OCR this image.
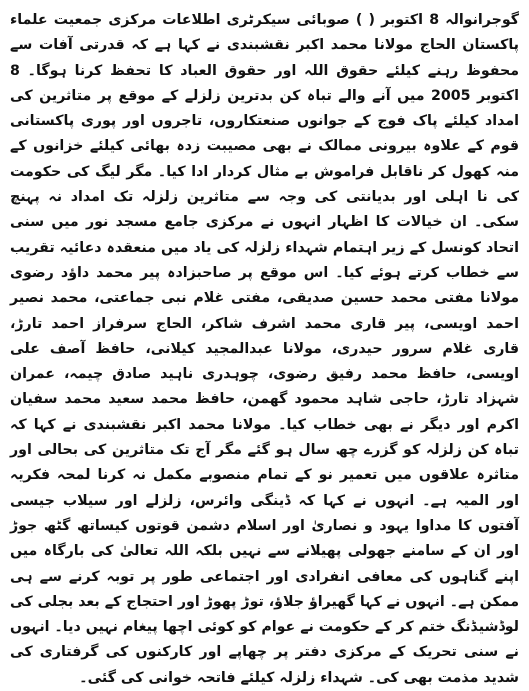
گوجرانوالہ 8 اکتوبر ( ) صوبائی سیکرٹری اطلاعات مرکزی جمعیت علماء پاکستان الحاج مولانا محمد اکبر نقشبندی نے کہا ہے کہ قدرتی آفات سے محفوظ رہنے کیلئے حقوق اللہ اور حقوق العباد کا تحفظ کرنا ہوگا۔ 8 اکتوبر 2005 میں آنے والے تباہ کن بدترین زلزلے کے موقع پر متاثرین کی امداد کیلئے پاک فوج کے جوانوں صنعتکاروں، تاجروں اور پوری پاکستانی قوم کے علاوہ بیرونی ممالک نے بھی مصیبت زدہ بھائی کیلئے خزانوں کے منہ کھول کر ناقابل فراموش بے مثال کردار ادا کیا۔ مگر لیگ کی حکومت کی نا اہلی اور بدیانتی کی وجہ سے متاثرین زلزلہ تک امداد نہ پہنچ سکی۔ ان خیالات کا اظہار انہوں نے مرکزی جامع مسجد نور میں سنی اتحاد کونسل کے زیر اہتمام شہداء زلزلہ کی یاد میں منعقدہ دعائیہ تقریب سے خطاب کرتے ہوئے کیا۔ اس موقع پر صاحبزادہ پیر محمد داؤد رضوی مولانا مفتی محمد حسین صدیقی، مفتی غلام نبی جماعتی، محمد نصیر احمد اویسی، پیر قاری محمد اشرف شاکر، الحاج سرفراز احمد تارڑ، قاری غلام سرور حیدری، مولانا عبدالمجید کیلانی، حافظ آصف علی اویسی، حافظ محمد رفیق رضوی، چوہدری ناہید صادق چیمہ، عمران شہزاد تارڑ، حاجی شاہد محمود گھمن، حافظ محمد سعید محمد سفیان اکرم اور دیگر نے بھی خطاب کیا۔ مولانا محمد اکبر نقشبندی نے کہا کہ تباہ کن زلزلہ کو گزرے چھ سال ہو گئے مگر آج تک متاثرین کی بحالی اور متاثرہ علاقوں میں تعمیر نو کے تمام منصوبے مکمل نہ کرنا لمحہ فکریہ اور المیہ ہے۔ انہوں نے کہا کہ ڈینگی وائرس، زلزلے اور سیلاب جیسی آفتوں کا مداوا یہود و نصاریٰ اور اسلام دشمن قوتوں کیساتھ گٹھ جوڑ اور ان کے سامنے جھولی پھیلانے سے نہیں بلکہ اللہ تعالیٰ کی بارگاہ میں اپنے گناہوں کی معافی انفرادی اور اجتماعی طور پر توبہ کرنے سے ہی ممکن ہے۔ انہوں نے کہا گھیراؤ جلاؤ، توڑ پھوڑ اور احتجاج کے بعد بجلی کی لوڈشیڈنگ ختم کر کے حکومت نے عوام کو کوئی اچھا پیغام نہیں دیا۔ انہوں نے سنی تحریک کے مرکزی دفتر پر چھاپے اور کارکنوں کی گرفتاری کی شدید مذمت بھی کی۔ شہداء زلزلہ کیلئے فاتحہ خوانی کی گئی۔
